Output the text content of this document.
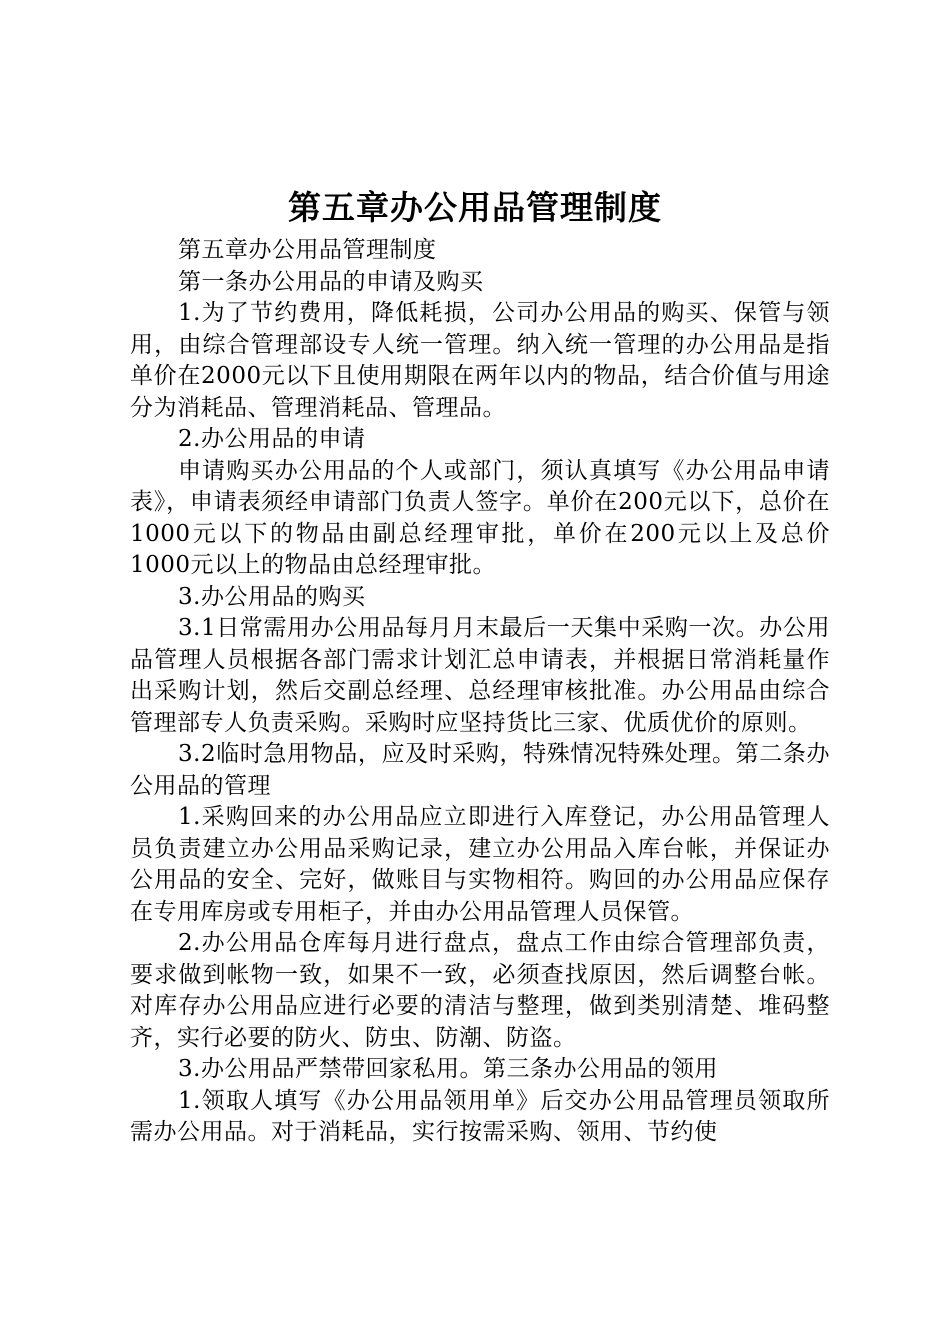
第五章办公用品管理制度

第五章办公用品管理制度

第一条办公用品的申请及购买

1.为了节约费用，降低耗损，公司办公用品的购买、保管与领用，由综合管理部设专人统一管理。纳入统一管理的办公用品是指单价在2000元以下且使用期限在两年以内的物品，结合价值与用途分为消耗品、管理消耗品、管理品。

2.办公用品的申请

申请购买办公用品的个人或部门，须认真填写《办公用品申请表》，申请表须经申请部门负责人签字。单价在200元以下，总价在1000元以下的物品由副总经理审批，单价在200元以上及总价1000元以上的物品由总经理审批。

3.办公用品的购买

3.1日常需用办公用品每月月末最后一天集中采购一次。办公用品管理人员根据各部门需求计划汇总申请表，并根据日常消耗量作出采购计划，然后交副总经理、总经理审核批准。办公用品由综合管理部专人负责采购。采购时应坚持货比三家、优质优价的原则。

3.2临时急用物品，应及时采购，特殊情况特殊处理。第二条办公用品的管理

1.采购回来的办公用品应立即进行入库登记，办公用品管理人员负责建立办公用品采购记录，建立办公用品入库台帐，并保证办公用品的安全、完好，做账目与实物相符。购回的办公用品应保存在专用库房或专用柜子，并由办公用品管理人员保管。

2.办公用品仓库每月进行盘点，盘点工作由综合管理部负责，要求做到帐物一致，如果不一致，必须查找原因，然后调整台帐。对库存办公用品应进行必要的清洁与整理，做到类别清楚、堆码整齐，实行必要的防火、防虫、防潮、防盗。

3.办公用品严禁带回家私用。第三条办公用品的领用

1.领取人填写《办公用品领用单》后交办公用品管理员领取所需办公用品。对于消耗品，实行按需采购、领用、节约使
